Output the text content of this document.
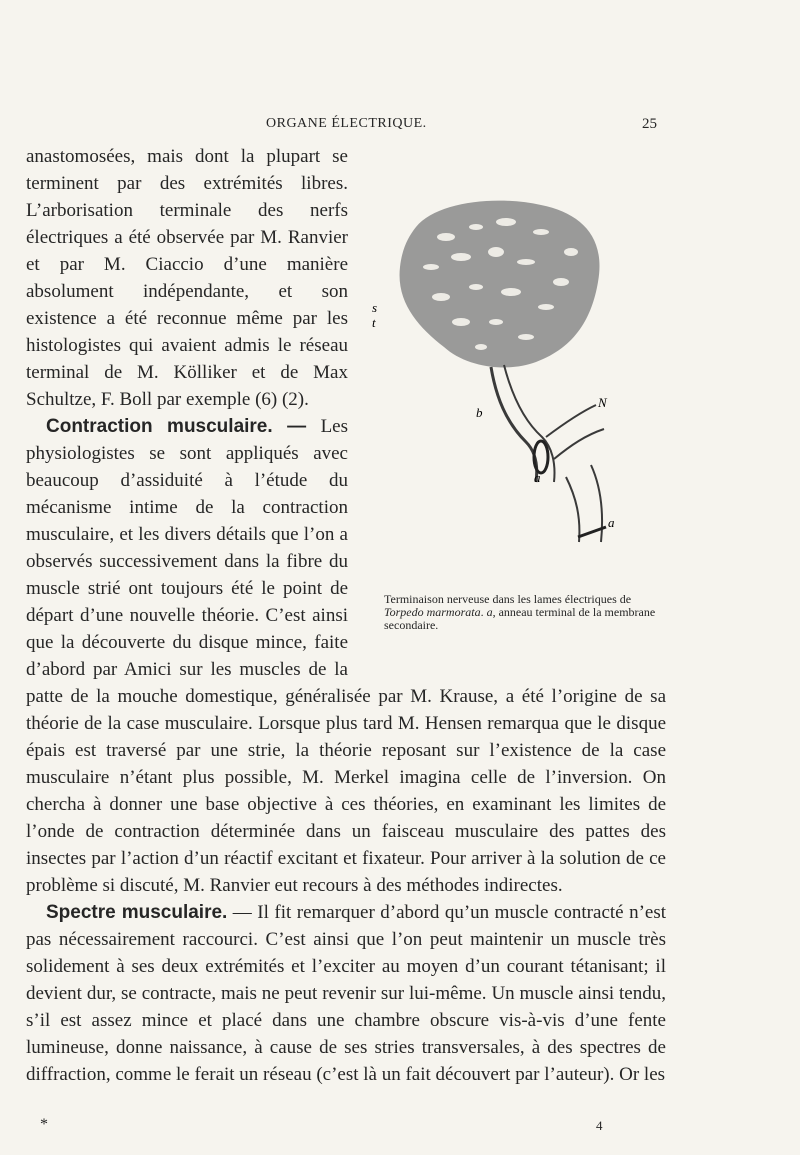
ORGANE ÉLECTRIQUE.	25
s
t
b
N
a
a
Terminaison nerveuse dans les lames électriques de Torpedo marmorata. a, anneau terminal de la membrane secondaire.

anastomosées, mais dont la plupart se terminent par des extrémités libres. L’arborisation terminale des nerfs électriques a été observée par M. Ranvier et par M. Ciaccio d’une manière absolument indépendante, et son existence a été reconnue même par les histologistes qui avaient admis le réseau terminal de M. Kölliker et de Max Schultze, F. Boll par exemple (6) (2).

Contraction musculaire. — Les physiologistes se sont appliqués avec beaucoup d’assiduité à l’étude du mécanisme intime de la contraction musculaire, et les divers détails que l’on a observés successivement dans la fibre du muscle strié ont toujours été le point de départ d’une nouvelle théorie. C’est ainsi que la découverte du disque mince, faite d’abord par Amici sur les muscles de la patte de la mouche domestique, généralisée par M. Krause, a été l’origine de sa théorie de la case musculaire. Lorsque plus tard M. Hensen remarqua que le disque épais est traversé par une strie, la théorie reposant sur l’existence de la case musculaire n’étant plus possible, M. Merkel imagina celle de l’inversion. On chercha à donner une base objective à ces théories, en examinant les limites de l’onde de contraction déterminée dans un faisceau musculaire des pattes des insectes par l’action d’un réactif excitant et fixateur. Pour arriver à la solution de ce problème si discuté, M. Ranvier eut recours à des méthodes indirectes.

Spectre musculaire. — Il fit remarquer d’abord qu’un muscle contracté n’est pas nécessairement raccourci. C’est ainsi que l’on peut maintenir un muscle très solidement à ses deux extrémités et l’exciter au moyen d’un courant tétanisant; il devient dur, se contracte, mais ne peut revenir sur lui-même. Un muscle ainsi tendu, s’il est assez mince et placé dans une chambre obscure vis-à-vis d’une fente lumineuse, donne naissance, à cause de ses stries transversales, à des spectres de diffraction, comme le ferait un réseau (c’est là un fait découvert par l’auteur). Or les

*	4
